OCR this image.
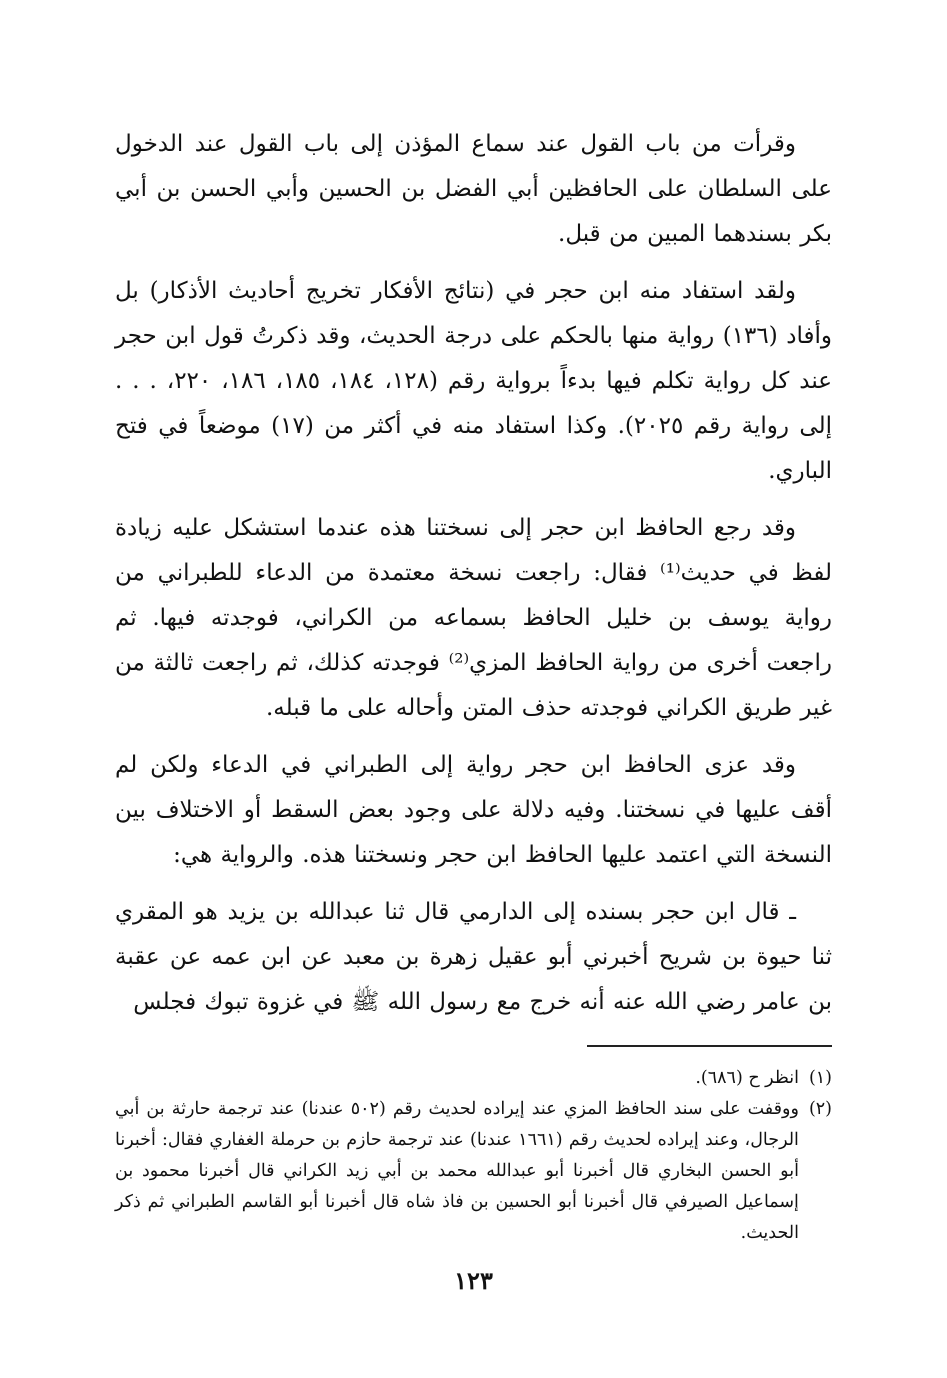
وقرأت من باب القول عند سماع المؤذن إلى باب القول عند الدخول على السلطان على الحافظين أبي الفضل بن الحسين وأبي الحسن بن أبي بكر بسندهما المبين من قبل.

ولقد استفاد منه ابن حجر في (نتائج الأفكار تخريج أحاديث الأذكار) بل وأفاد (١٣٦) رواية منها بالحكم على درجة الحديث، وقد ذكرتُ قول ابن حجر عند كل رواية تكلم فيها بدءاً برواية رقم (١٢٨، ١٨٤، ١٨٥، ١٨٦، ٢٢٠، . . . إلى رواية رقم ٢٠٢٥). وكذا استفاد منه في أكثر من (١٧) موضعاً في فتح الباري.

وقد رجع الحافظ ابن حجر إلى نسختنا هذه عندما استشكل عليه زيادة لفظ في حديث⁽¹⁾ فقال: راجعت نسخة معتمدة من الدعاء للطبراني من رواية يوسف بن خليل الحافظ بسماعه من الكراني، فوجدته فيها. ثم راجعت أخرى من رواية الحافظ المزي⁽²⁾ فوجدته كذلك، ثم راجعت ثالثة من غير طريق الكراني فوجدته حذف المتن وأحاله على ما قبله.

وقد عزى الحافظ ابن حجر رواية إلى الطبراني في الدعاء ولكن لم أقف عليها في نسختنا. وفيه دلالة على وجود بعض السقط أو الاختلاف بين النسخة التي اعتمد عليها الحافظ ابن حجر ونسختنا هذه. والرواية هي:

ـ قال ابن حجر بسنده إلى الدارمي قال ثنا عبدالله بن يزيد هو المقري ثنا حيوة بن شريح أخبرني أبو عقيل زهرة بن معبد عن ابن عمه عن عقبة بن عامر رضي الله عنه أنه خرج مع رسول الله ﷺ في غزوة تبوك فجلس

(١)
انظر ح (٦٨٦).
(٢)
ووقفت على سند الحافظ المزي عند إيراده لحديث رقم (٥٠٢ عندنا) عند ترجمة حارثة بن أبي الرجال، وعند إيراده لحديث رقم (١٦٦١ عندنا) عند ترجمة حازم بن حرملة الغفاري فقال: أخبرنا أبو الحسن البخاري قال أخبرنا أبو عبدالله محمد بن أبي زيد الكراني قال أخبرنا محمود بن إسماعيل الصيرفي قال أخبرنا أبو الحسين بن فاذ شاه قال أخبرنا أبو القاسم الطبراني ثم ذكر الحديث.
١٢٣
